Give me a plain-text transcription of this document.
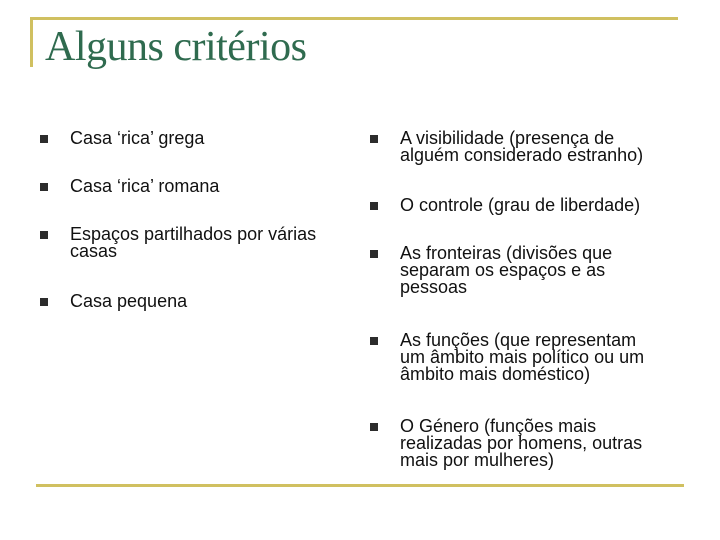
Alguns critérios
Casa ‘rica’ grega
Casa ‘rica’ romana
Espaços partilhados por várias
casas
Casa pequena
A visibilidade (presença de
alguém considerado estranho)
O controle (grau de liberdade)
As fronteiras (divisões que
separam os espaços e as
pessoas
As funções (que representam
um âmbito mais político ou um
âmbito mais doméstico)
O Género (funções mais
realizadas por homens, outras
mais por mulheres)
